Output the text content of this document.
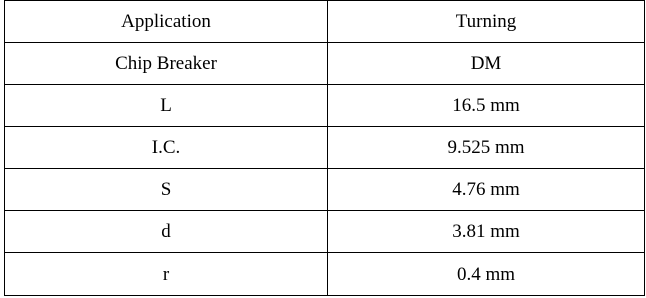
Application	Turning
Chip Breaker	DM
L	16.5 mm
I.C.	9.525 mm
S	4.76 mm
d	3.81 mm
r	0.4 mm
